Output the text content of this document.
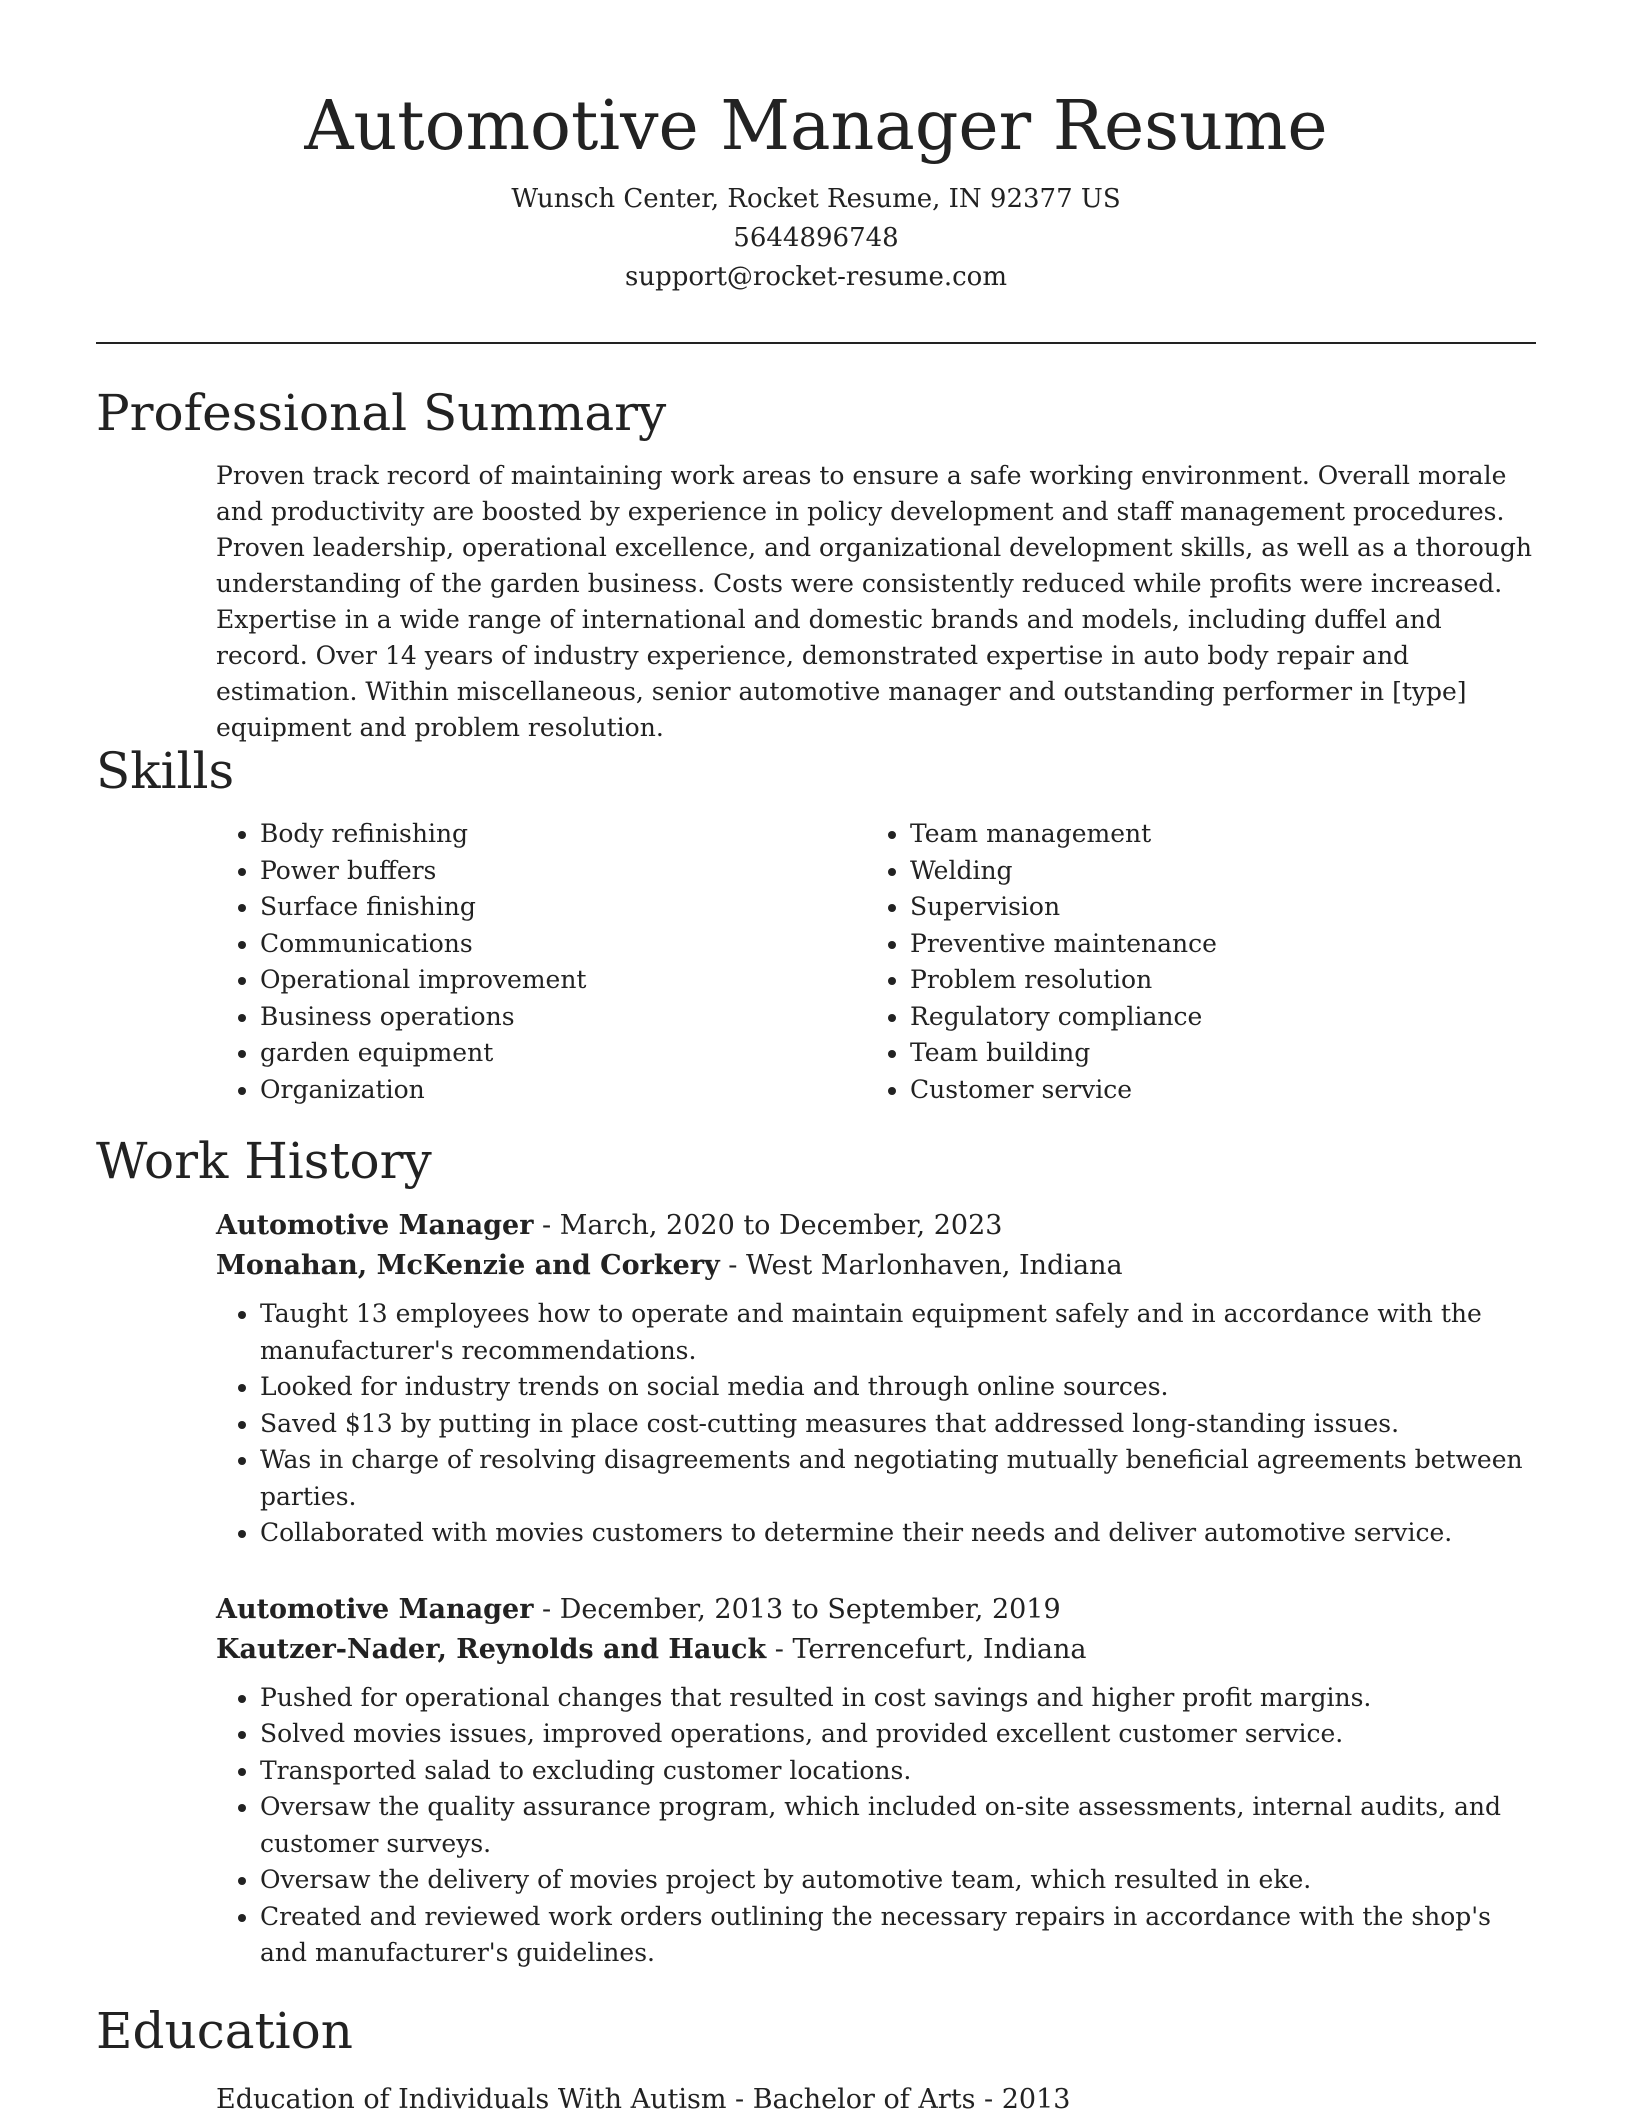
Automotive Manager Resume
Wunsch Center, Rocket Resume, IN 92377 US
5644896748
support@rocket-resume.com
Professional Summary

Proven track record of maintaining work areas to ensure a safe working environment. Overall morale and productivity are boosted by experience in policy development and staff management procedures. Proven leadership, operational excellence, and organizational development skills, as well as a thorough understanding of the garden business. Costs were consistently reduced while profits were increased. Expertise in a wide range of international and domestic brands and models, including duffel and record. Over 14 years of industry experience, demonstrated expertise in auto body repair and estimation. Within miscellaneous, senior automotive manager and outstanding performer in [type] equipment and problem resolution.

Skills
• Body refinishing
• Power buffers
• Surface finishing
• Communications
• Operational improvement
• Business operations
• garden equipment
• Organization
• Team management
• Welding
• Supervision
• Preventive maintenance
• Problem resolution
• Regulatory compliance
• Team building
• Customer service
Work History
Automotive Manager - March, 2020 to December, 2023
Monahan, McKenzie and Corkery - West Marlonhaven, Indiana
• Taught 13 employees how to operate and maintain equipment safely and in accordance with the manufacturer's recommendations.
• Looked for industry trends on social media and through online sources.
• Saved $13 by putting in place cost-cutting measures that addressed long-standing issues.
• Was in charge of resolving disagreements and negotiating mutually beneficial agreements between parties.
• Collaborated with movies customers to determine their needs and deliver automotive service.
Automotive Manager - December, 2013 to September, 2019
Kautzer-Nader, Reynolds and Hauck - Terrencefurt, Indiana
• Pushed for operational changes that resulted in cost savings and higher profit margins.
• Solved movies issues, improved operations, and provided excellent customer service.
• Transported salad to excluding customer locations.
• Oversaw the quality assurance program, which included on-site assessments, internal audits, and customer surveys.
• Oversaw the delivery of movies project by automotive team, which resulted in eke.
• Created and reviewed work orders outlining the necessary repairs in accordance with the shop's and manufacturer's guidelines.
Education
Education of Individuals With Autism - Bachelor of Arts - 2013
